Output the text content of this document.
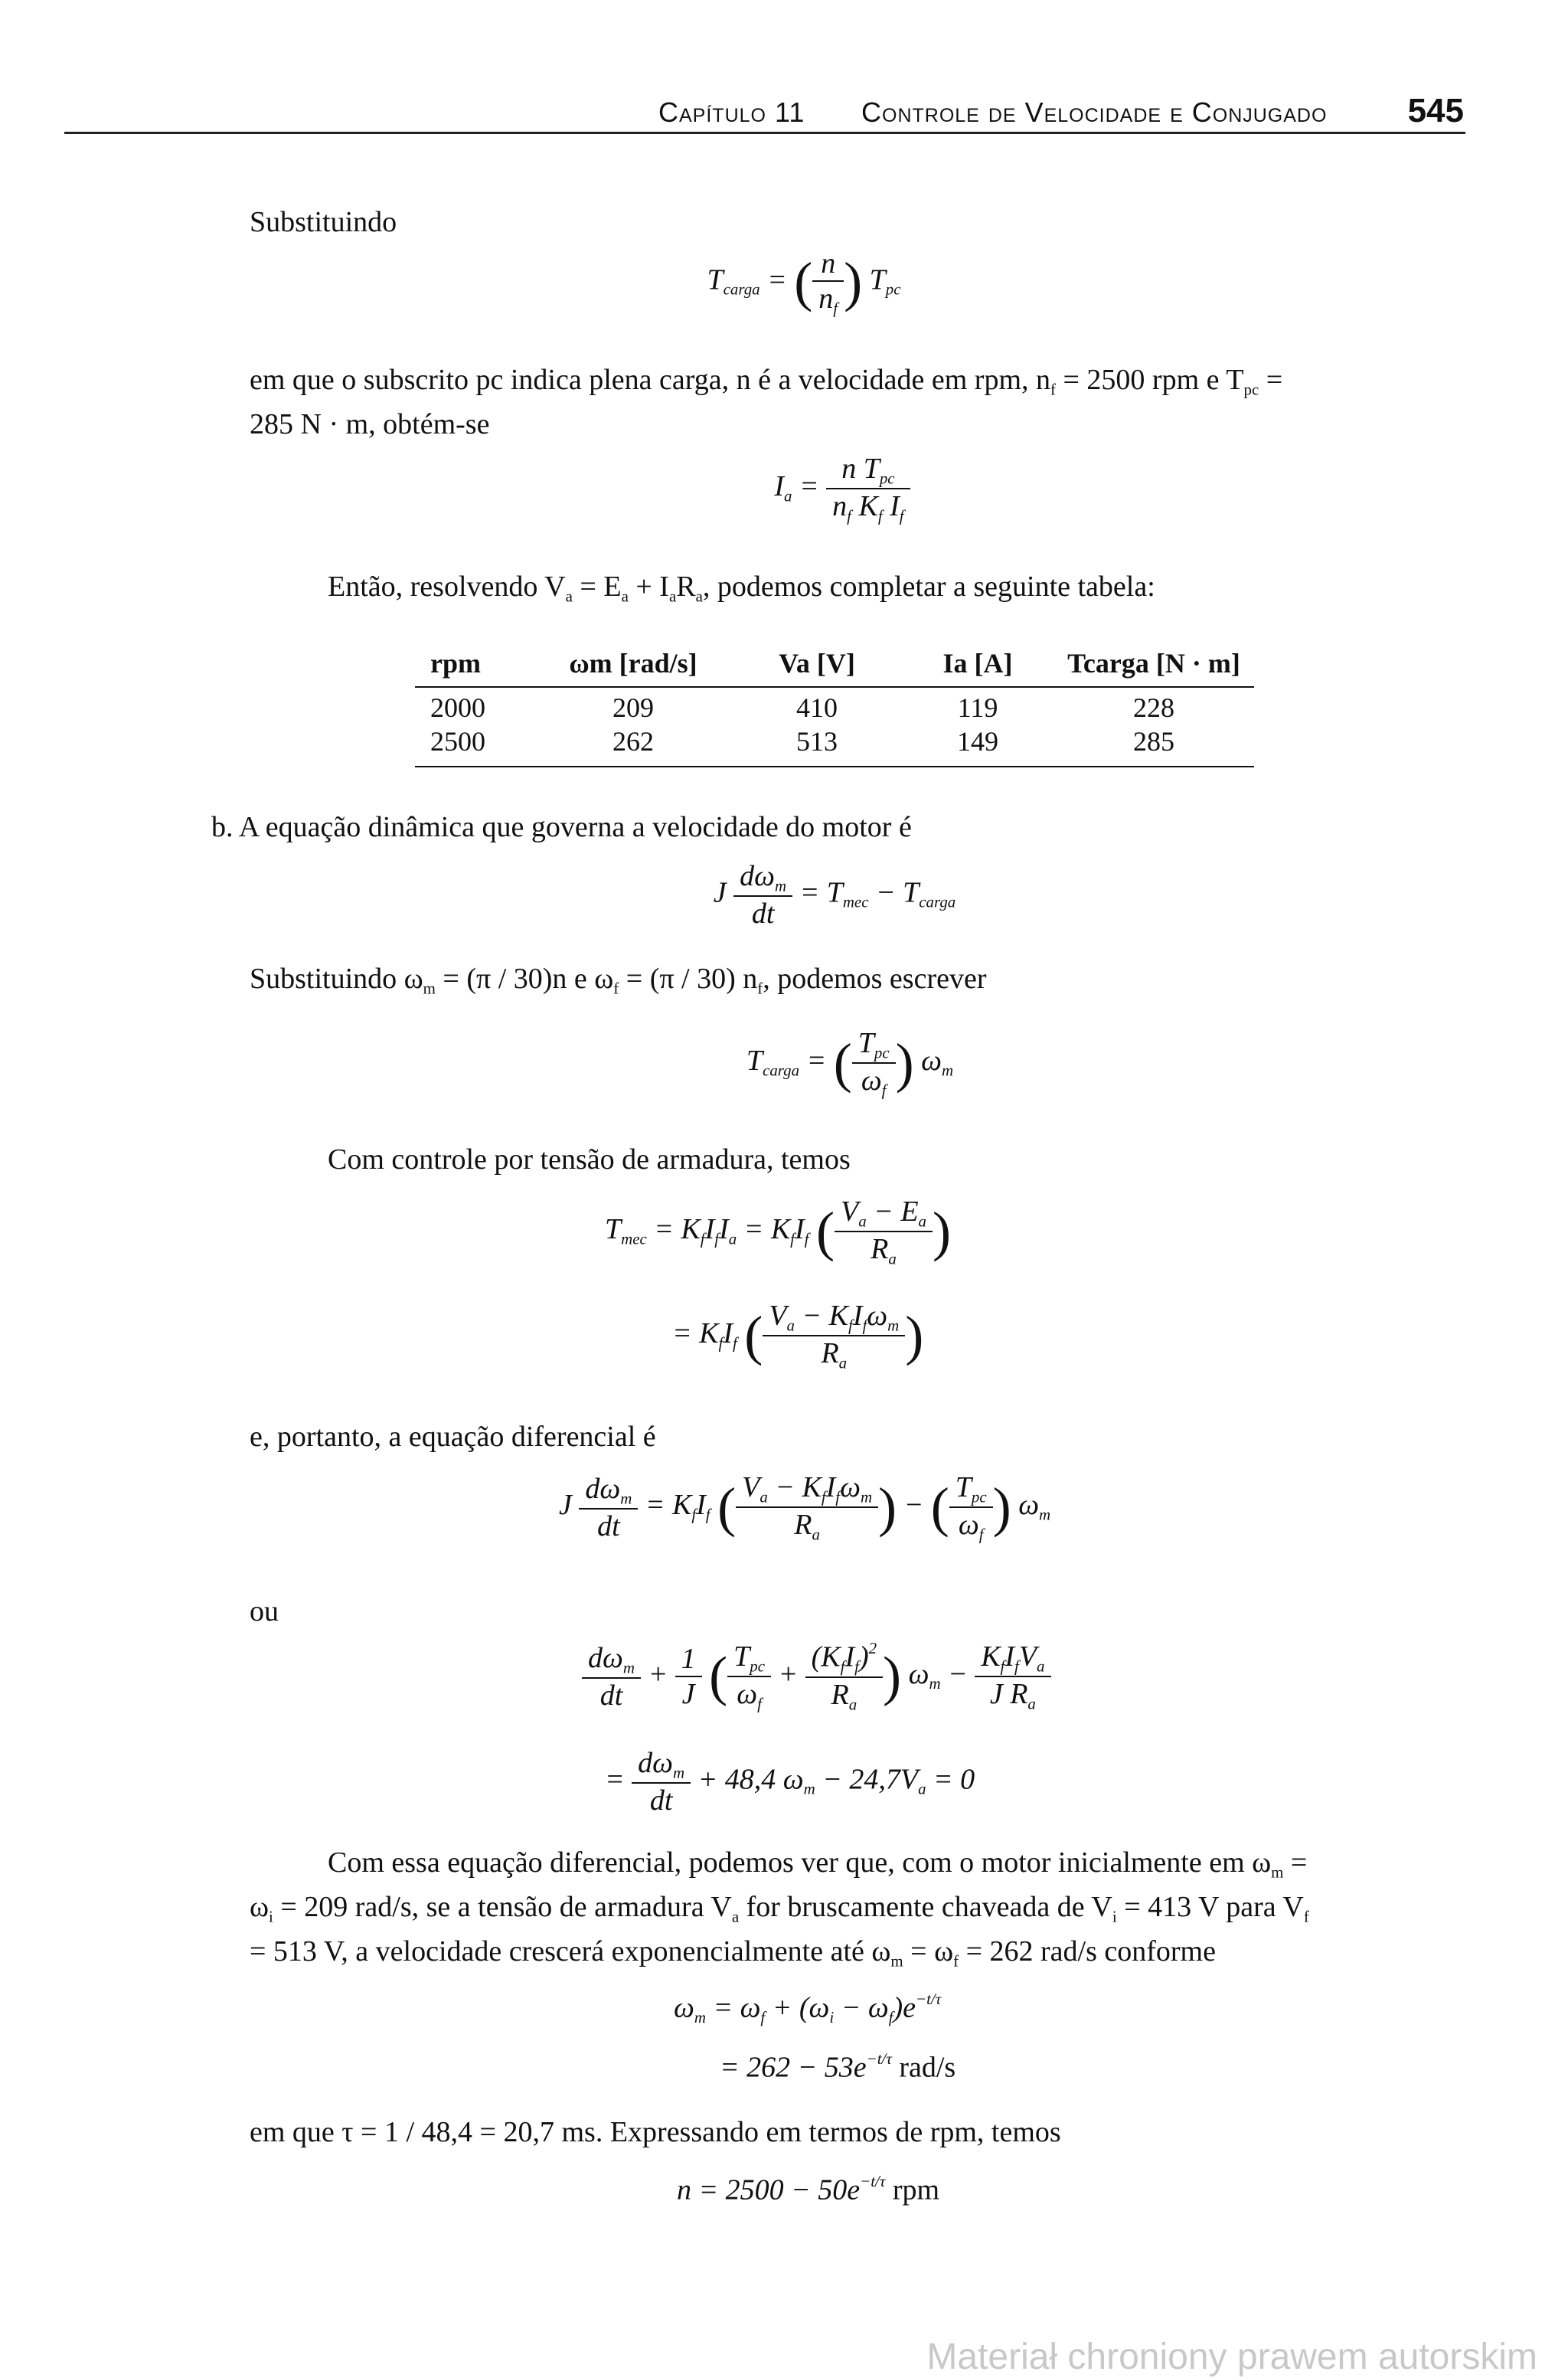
Capítulo 11 Controle de Velocidade e Conjugado 545
Substituindo
$T_{carga}$ = ( $\frac{n}{n_f}$ ) $T_{pc}$
em que o subscrito pc indica plena carga, n é a velocidade em rpm, $n_f = 2500$ rpm e $T_{pc}$ =
285 N · m, obtém-se
$I_a = \frac{n T_{pc}}{n_f K_f I_f}$
Então, resolvendo $V_a = E_a + I_aR_a$, podemos completar a seguinte tabela:
rpm	ωm [rad/s]	Va [V]	Ia [A]	Tcarga [N · m]
2000	209	410	119	228
2500	262	513	149	285
b. A equação dinâmica que governa a velocidade do motor é
J $\frac{d\omega_m}{dt} = T_{mec} - T_{carga}$
Substituindo $\omega_m = (\pi / 30)n$ e $\omega_f = (\pi / 30)$ $n_f$, podemos escrever
$T_{carga}$ = ( $\frac{T_{pc}}{\omega_f}$ ) $\omega_m$
Com controle por tensão de armadura, temos
$T_{mec} = K_fI_fI_a = K_fI_f$ ( $\frac{V_a - E_a}{R_a}$ )
= $K_fI_f$ ( $\frac{V_a - K_fI_f\omega_m}{R_a}$ )
e, portanto, a equação diferencial é
J $\frac{d\omega_m}{dt} = K_fI_f$ ( $\frac{V_a - K_fI_f\omega_m}{R_a}$ ) − ( $\frac{T_{pc}}{\omega_f}$ ) $\omega_m$
ou
$\frac{d\omega_m}{dt} + \frac{1}{J}$ ( $\frac{T_{pc}}{\omega_f} + \frac{(K_fI_f)^2}{R_a}$ ) $\omega_m - \frac{K_fI_fV_a}{J R_a}$
= $\frac{d\omega_m}{dt} + 48,4$ $\omega_m - 24,7V_a = 0$
Com essa equação diferencial, podemos ver que, com o motor inicialmente em $\omega_m$ =
$\omega_i = 209$ rad/s, se a tensão de armadura $V_a$ for bruscamente chaveada de $V_i = 413$ V para $V_f$
= 513 V, a velocidade crescerá exponencialmente até $\omega_m = \omega_f = 262$ rad/s conforme
$\omega_m = \omega_f + (\omega_i - \omega_f)e^{-t/\tau}$
= $262 - 53e^{-t/\tau}$ rad/s
em que τ = 1 / 48,4 = 20,7 ms. Expressando em termos de rpm, temos
$n = 2500 - 50e^{-t/\tau}$ rpm
Materiał chroniony prawem autorskim
